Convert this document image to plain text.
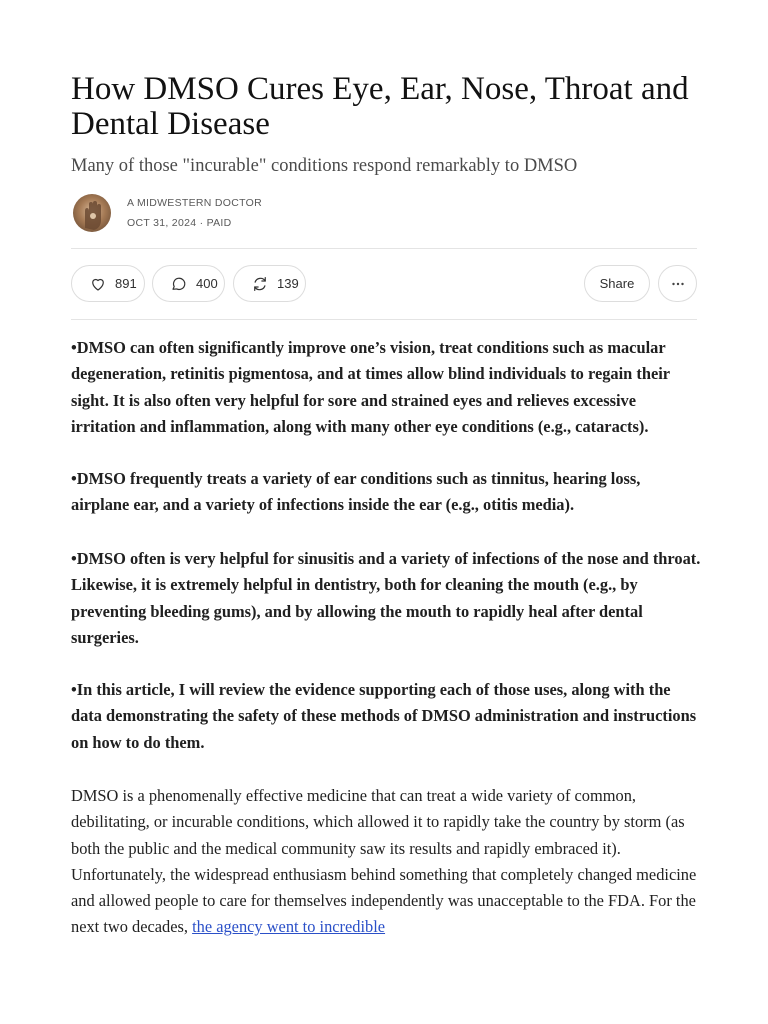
How DMSO Cures Eye, Ear, Nose, Throat and Dental Disease

Many of those "incurable" conditions respond remarkably to DMSO

A MIDWESTERN DOCTOR
OCT 31, 2024 · PAID
891	400	139	Share

•DMSO can often significantly improve one’s vision, treat conditions such as macular degeneration, retinitis pigmentosa, and at times allow blind individuals to regain their sight. It is also often very helpful for sore and strained eyes and relieves excessive irritation and inflammation, along with many other eye conditions (e.g., cataracts).

•DMSO frequently treats a variety of ear conditions such as tinnitus, hearing loss, airplane ear, and a variety of infections inside the ear (e.g., otitis media).

•DMSO often is very helpful for sinusitis and a variety of infections of the nose and throat. Likewise, it is extremely helpful in dentistry, both for cleaning the mouth (e.g., by preventing bleeding gums), and by allowing the mouth to rapidly heal after dental surgeries.

•In this article, I will review the evidence supporting each of those uses, along with the data demonstrating the safety of these methods of DMSO administration and instructions on how to do them.

DMSO is a phenomenally effective medicine that can treat a wide variety of common, debilitating, or incurable conditions, which allowed it to rapidly take the country by storm (as both the public and the medical community saw its results and rapidly embraced it). Unfortunately, the widespread enthusiasm behind something that completely changed medicine and allowed people to care for themselves independently was unacceptable to the FDA. For the next two decades, the agency went to incredible
